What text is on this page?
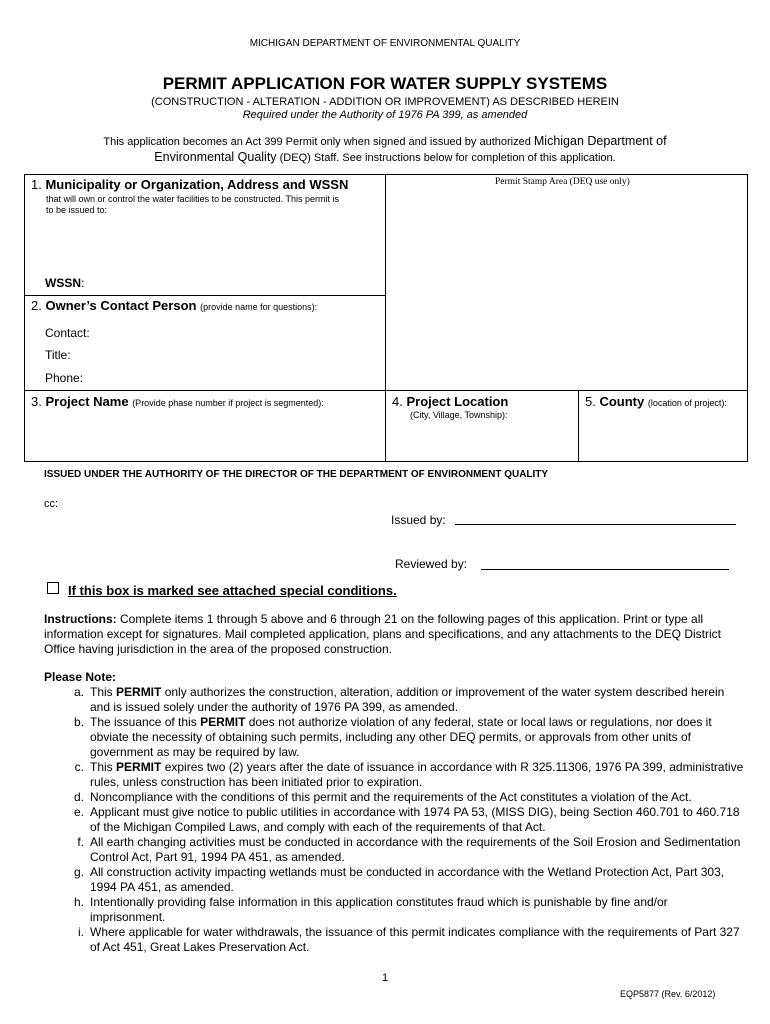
MICHIGAN DEPARTMENT OF ENVIRONMENTAL QUALITY
PERMIT APPLICATION FOR WATER SUPPLY SYSTEMS
(CONSTRUCTION - ALTERATION - ADDITION OR IMPROVEMENT) AS DESCRIBED HEREIN
Required under the Authority of 1976 PA 399, as amended
This application becomes an Act 399 Permit only when signed and issued by authorized Michigan Department of
Environmental Quality (DEQ) Staff. See instructions below for completion of this application.
1. Municipality or Organization, Address and WSSN
that will own or control the water facilities to be constructed. This permit is
to be issued to:
WSSN:
Permit Stamp Area (DEQ use only)
2. Owner’s Contact Person (provide name for questions):
Contact:
Title:
Phone:
3. Project Name (Provide phase number if project is segmented):	4. Project Location
(City, Village, Township):
5. County (location of project):
ISSUED UNDER THE AUTHORITY OF THE DIRECTOR OF THE DEPARTMENT OF ENVIRONMENT QUALITY
cc:
Issued by:
Reviewed by:
If this box is marked see attached special conditions.
Instructions: Complete items 1 through 5 above and 6 through 21 on the following pages of this application. Print or type all information except for signatures. Mail completed application, plans and specifications, and any attachments to the DEQ District Office having jurisdiction in the area of the proposed construction.
Please Note:
a. This PERMIT only authorizes the construction, alteration, addition or improvement of the water system described herein and is issued solely under the authority of 1976 PA 399, as amended.
b. The issuance of this PERMIT does not authorize violation of any federal, state or local laws or regulations, nor does it obviate the necessity of obtaining such permits, including any other DEQ permits, or approvals from other units of government as may be required by law.
c. This PERMIT expires two (2) years after the date of issuance in accordance with R 325.11306, 1976 PA 399, administrative rules, unless construction has been initiated prior to expiration.
d. Noncompliance with the conditions of this permit and the requirements of the Act constitutes a violation of the Act.
e. Applicant must give notice to public utilities in accordance with 1974 PA 53, (MISS DIG), being Section 460.701 to 460.718 of the Michigan Compiled Laws, and comply with each of the requirements of that Act.
f. All earth changing activities must be conducted in accordance with the requirements of the Soil Erosion and Sedimentation Control Act, Part 91, 1994 PA 451, as amended.
g. All construction activity impacting wetlands must be conducted in accordance with the Wetland Protection Act, Part 303, 1994 PA 451, as amended.
h. Intentionally providing false information in this application constitutes fraud which is punishable by fine and/or imprisonment.
i. Where applicable for water withdrawals, the issuance of this permit indicates compliance with the requirements of Part 327 of Act 451, Great Lakes Preservation Act.
1
EQP5877 (Rev. 6/2012)
